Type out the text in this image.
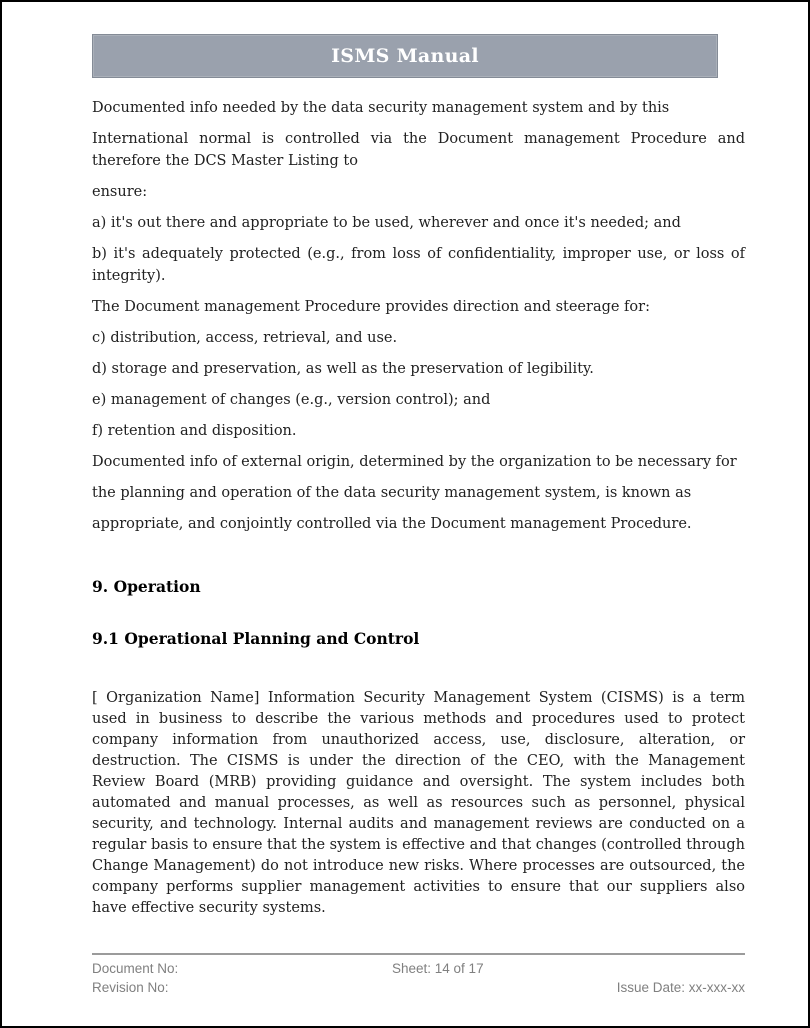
ISMS Manual

Documented info needed by the data security management system and by this

International normal is controlled via the Document management Procedure and therefore the DCS Master Listing to

ensure:

a) it's out there and appropriate to be used, wherever and once it's needed; and

b) it's adequately protected (e.g., from loss of confidentiality, improper use, or loss of integrity).

The Document management Procedure provides direction and steerage for:

c) distribution, access, retrieval, and use.

d) storage and preservation, as well as the preservation of legibility.

e) management of changes (e.g., version control); and

f) retention and disposition.

Documented info of external origin, determined by the organization to be necessary for

the planning and operation of the data security management system, is known as

appropriate, and conjointly controlled via the Document management Procedure.

9. Operation
9.1 Operational Planning and Control

[ Organization Name] Information Security Management System (CISMS) is a term used in business to describe the various methods and procedures used to protect company information from unauthorized access, use, disclosure, alteration, or destruction. The CISMS is under the direction of the CEO, with the Management Review Board (MRB) providing guidance and oversight. The system includes both automated and manual processes, as well as resources such as personnel, physical security, and technology. Internal audits and management reviews are conducted on a regular basis to ensure that the system is effective and that changes (controlled through Change Management) do not introduce new risks. Where processes are outsourced, the company performs supplier management activities to ensure that our suppliers also have effective security systems.

Document No:	Sheet: 14 of 17
Revision No:	Issue Date: xx-xxx-xx
